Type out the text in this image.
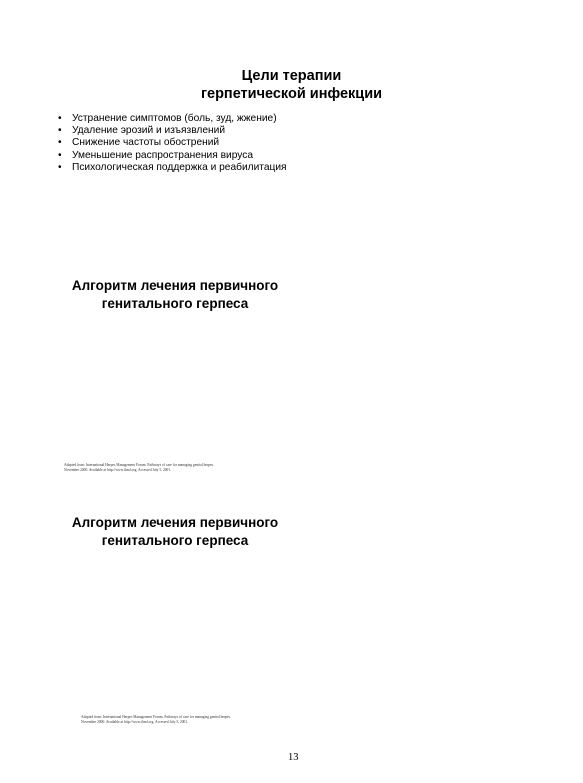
Цели терапии
герпетической инфекции
• Устранение симптомов (боль, зуд, жжение)
• Удаление эрозий и изъязвлений
• Снижение частоты обострений
• Уменьшение распространения вируса
• Психологическая поддержка и реабилитация
Алгоритм лечения первичного
генитального герпеса

Adapted from: International Herpes Management Forum. Pathways of care for managing genital herpes.
November 2000. Available at http://www.ihmf.org. Accessed July 5, 2001.

Алгоритм лечения первичного
генитального герпеса

Adapted from: International Herpes Management Forum. Pathways of care for managing genital herpes.
November 2000. Available at http://www.ihmf.org. Accessed July 5, 2001.

13
